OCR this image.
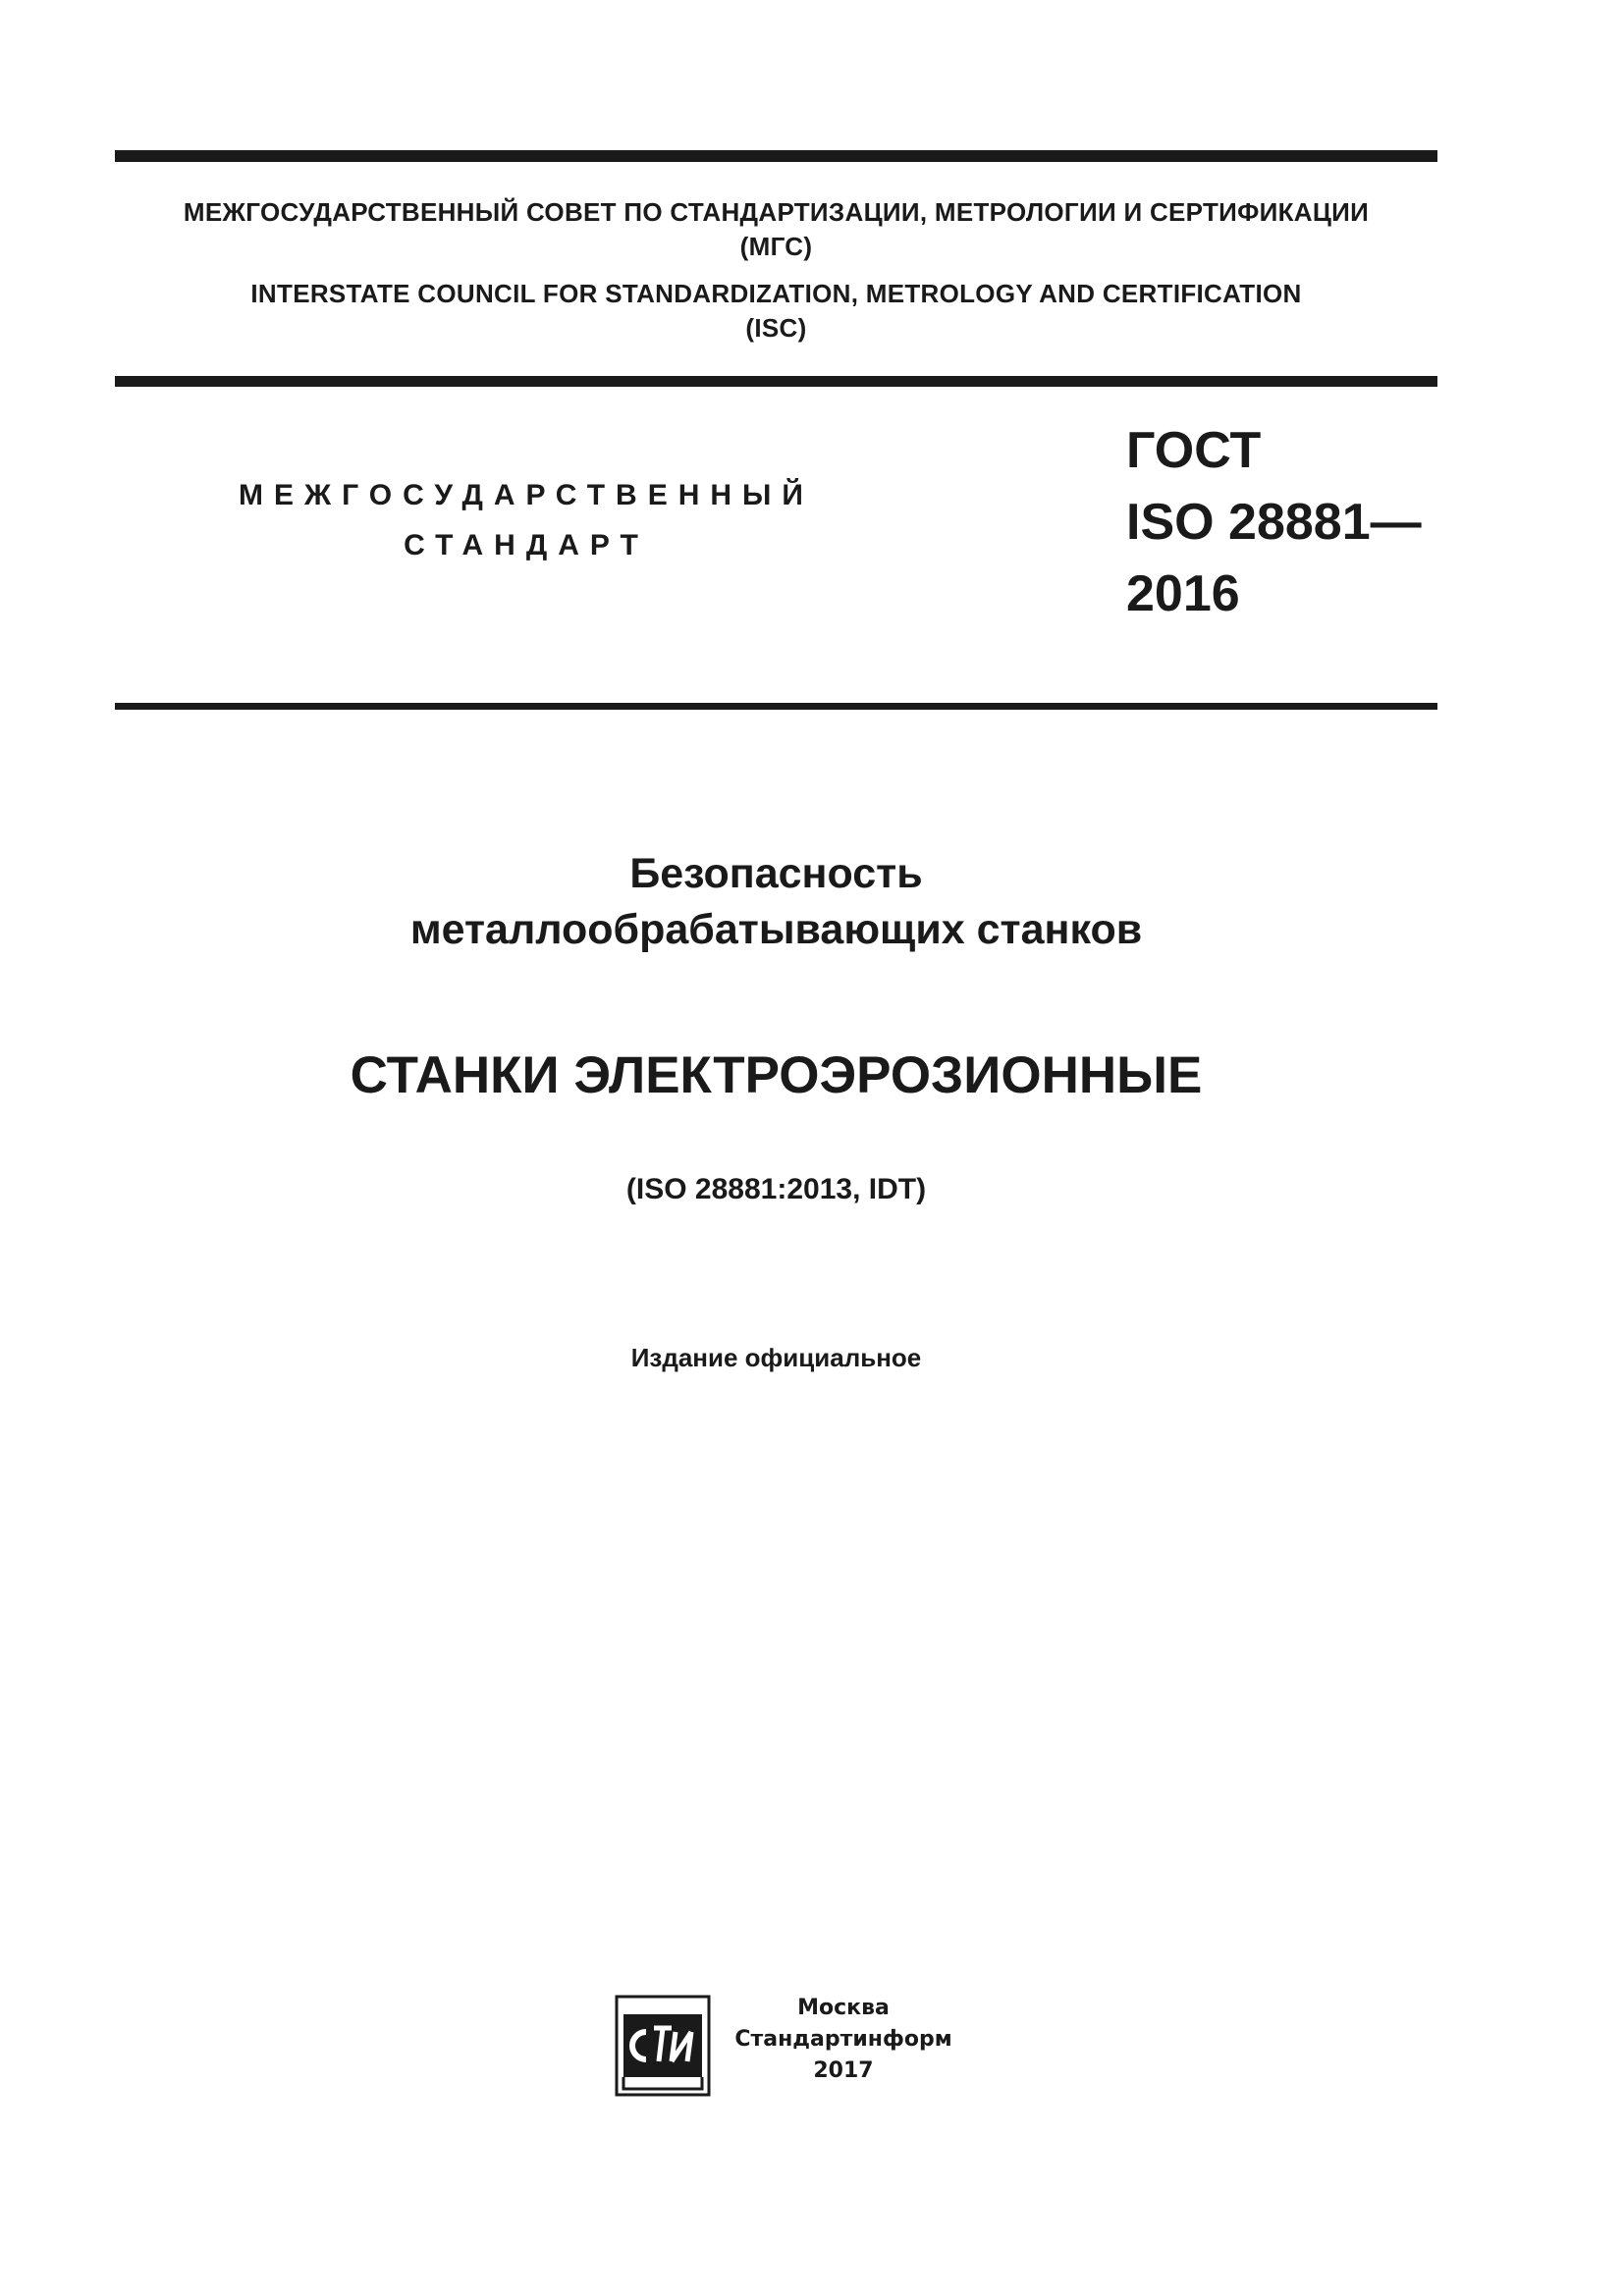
МЕЖГОСУДАРСТВЕННЫЙ СОВЕТ ПО СТАНДАРТИЗАЦИИ, МЕТРОЛОГИИ И СЕРТИФИКАЦИИ
(МГС)
INTERSTATE COUNCIL FOR STANDARDIZATION, METROLOGY AND CERTIFICATION
(ISC)
МЕЖГОСУДАРСТВЕННЫЙ
СТАНДАРТ
ГОСТ
ISO 28881—
2016
Безопасность
металлообрабатывающих станков
СТАНКИ ЭЛЕКТРОЭРОЗИОННЫЕ
(ISO 28881:2013, IDT)
Издание официальное
Москва
Стандартинформ
2017
